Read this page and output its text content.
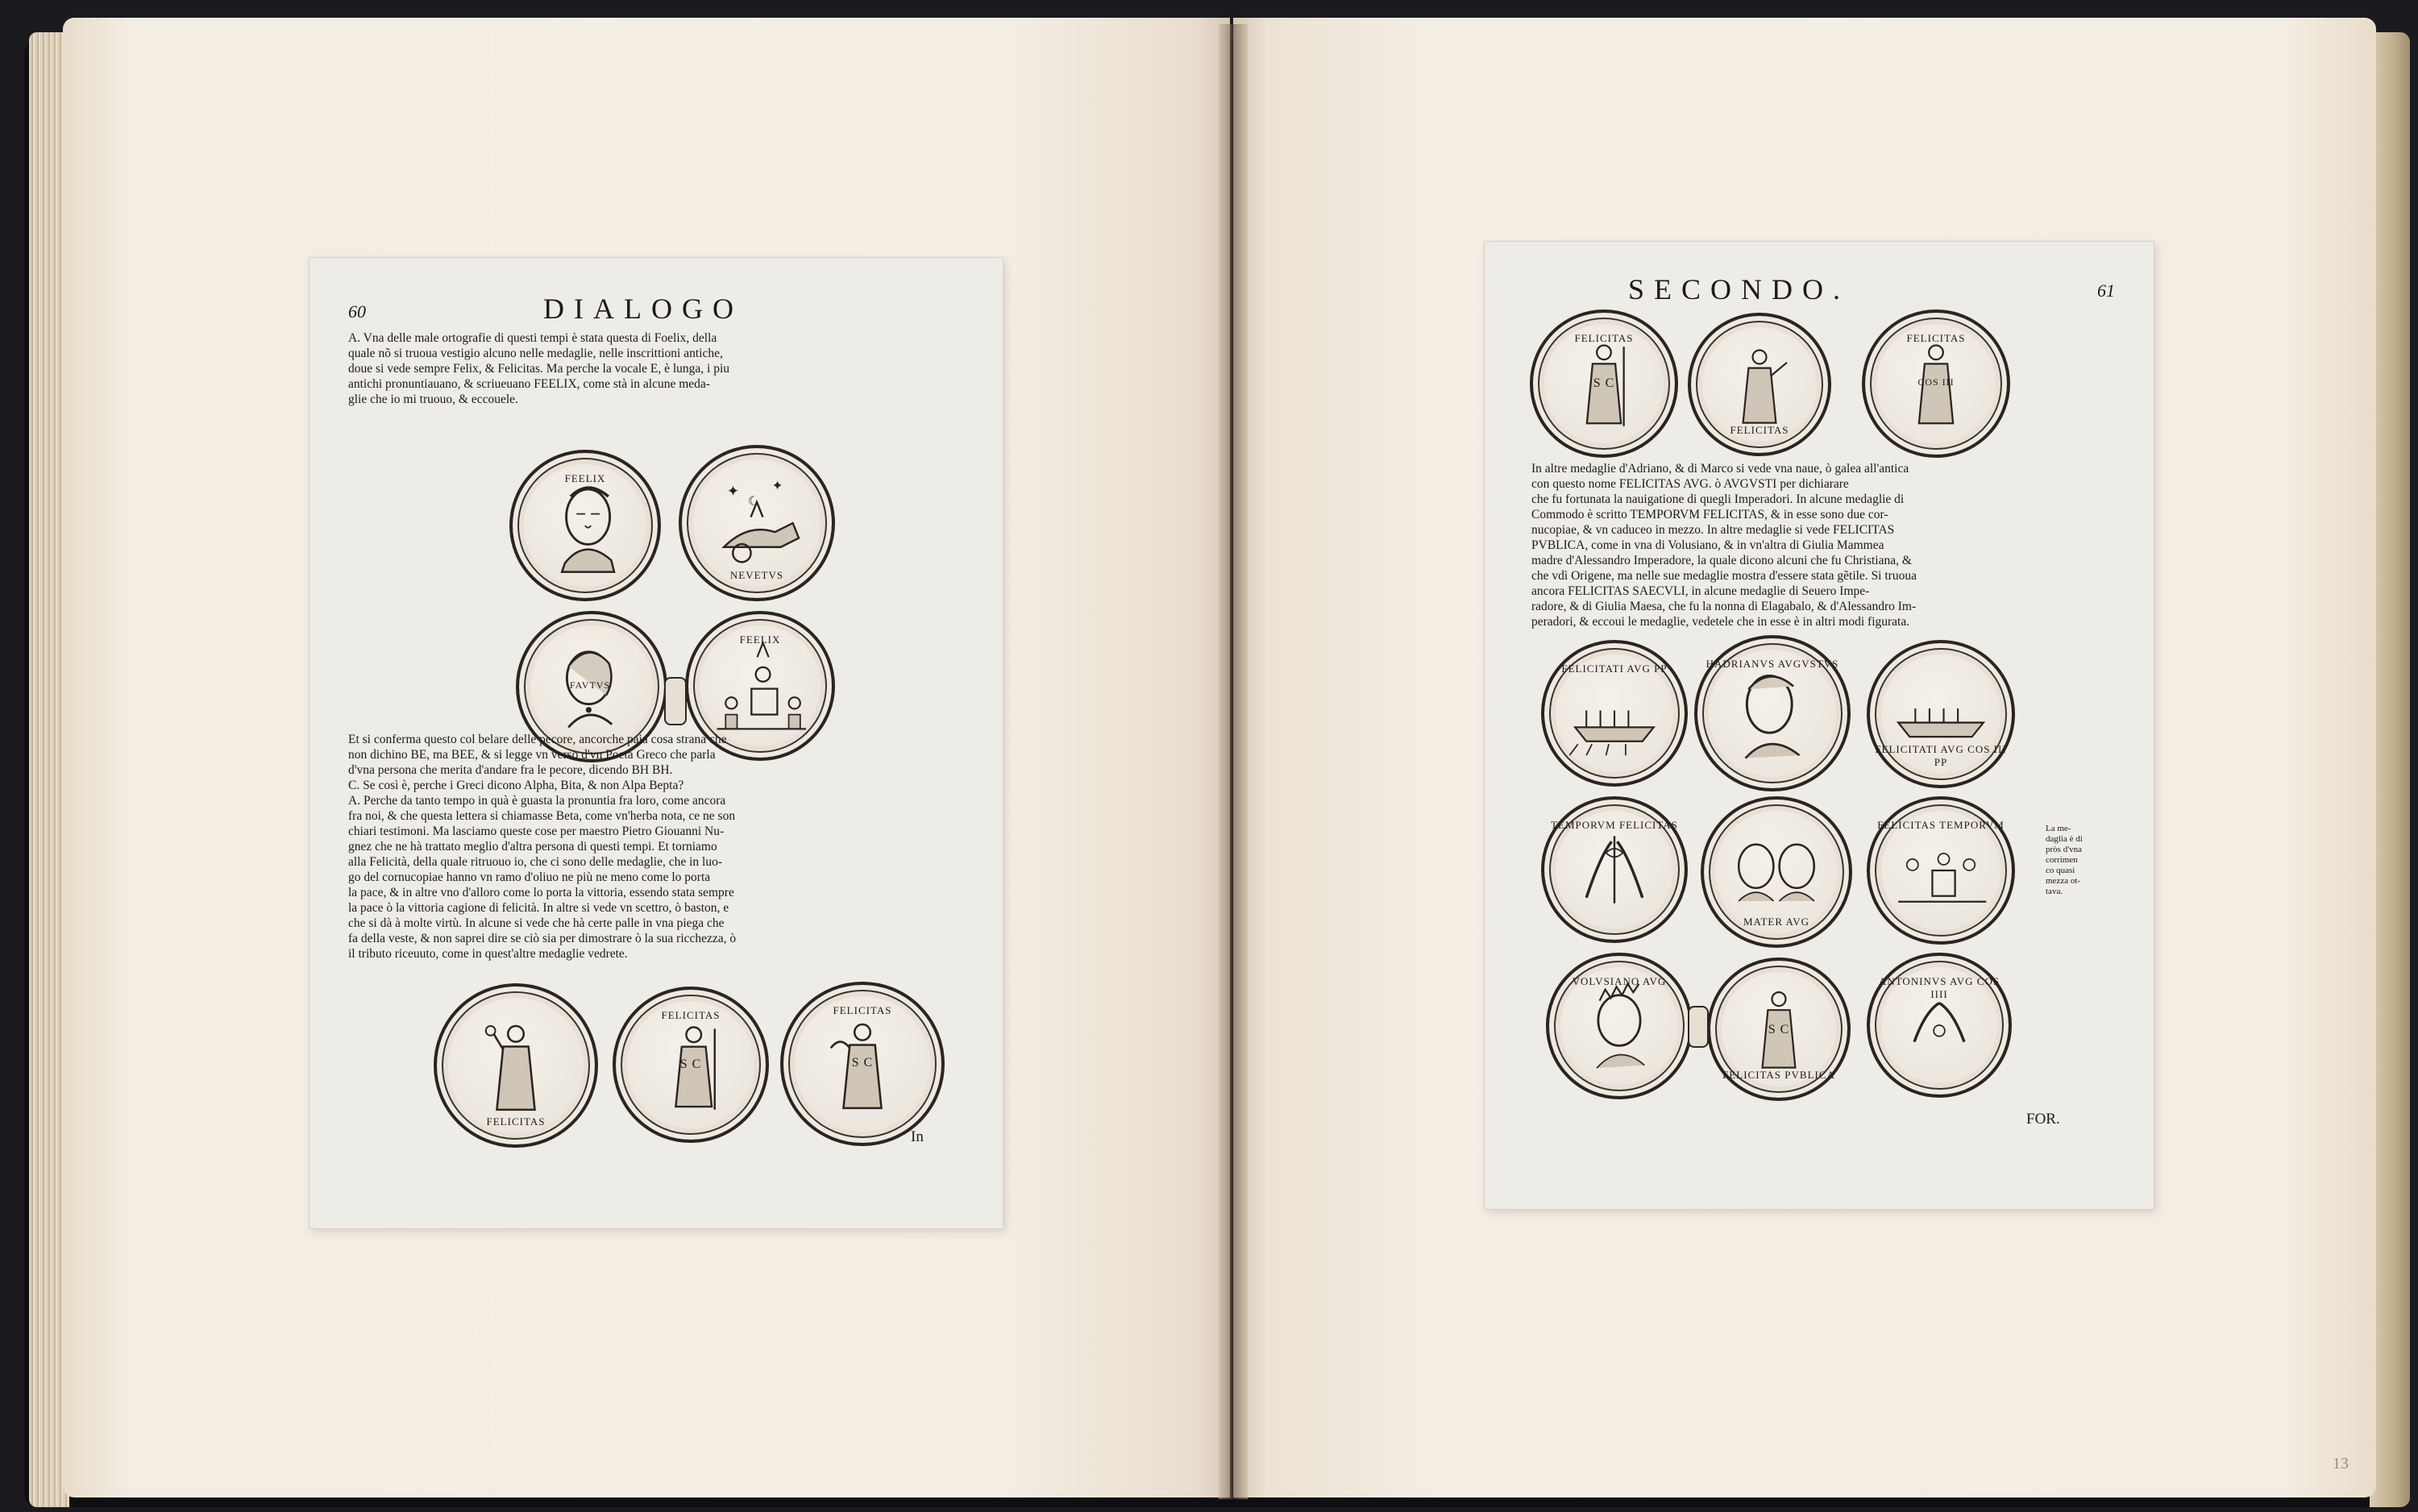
13
60	DIALOGO

A. Vna delle male ortografie di questi tempi è stata questa di Foelix, della

quale nõ si truoua vestigio alcuno nelle medaglie, nelle inscrittioni antiche,

doue si vede sempre Felix, & Felicitas. Ma perche la vocale E, è lunga, i piu

antichi pronuntiauano, & scriueuano FEELIX, come stà in alcune meda-

glie che io mi truouo, & eccouele.

FEELIX
✦	✦
☾
NEVETVS
FAVTVS
FEELIX

Et si conferma questo col belare delle pecore, ancorche paia cosa strana che

non dichino BE, ma BEE, & si legge vn verso d'vn Poeta Greco che parla

d'vna persona che merita d'andare fra le pecore, dicendo BH BH.

C. Se così è, perche i Greci dicono Alpha, Bita, & non Alpa Bepta?

A. Perche da tanto tempo in quà è guasta la pronuntia fra loro, come ancora

fra noi, & che questa lettera si chiamasse Beta, come vn'herba nota, ce ne son

chiari testimoni. Ma lasciamo queste cose per maestro Pietro Giouanni Nu-

gnez che ne hà trattato meglio d'altra persona di questi tempi. Et torniamo

alla Felicità, della quale ritruouo io, che ci sono delle medaglie, che in luo-

go del cornucopiae hanno vn ramo d'oliuo ne più ne meno come lo porta

la pace, & in altre vno d'alloro come lo porta la vittoria, essendo stata sempre

la pace ò la vittoria cagione di felicità. In altre si vede vn scettro, ò baston, e

che si dà à molte virtù. In alcune si vede che hà certe palle in vna piega che

fa della veste, & non saprei dire se ciò sia per dimostrare ò la sua ricchezza, ò

il tributo riceuuto, come in quest'altre medaglie vedrete.

FELICITAS
S C
FELICITAS
S C
FELICITAS
In
SECONDO.	61
S C
FELICITAS
FELICITAS
COS III
FELICITAS

In altre medaglie d'Adriano, & di Marco si vede vna naue, ò galea all'antica

con questo nome FELICITAS AVG. ò AVGVSTI per dichiarare

che fu fortunata la nauigatione di quegli Imperadori. In alcune medaglie di

Commodo è scritto TEMPORVM FELICITAS, & in esse sono due cor-

nucopiae, & vn caduceo in mezzo. In altre medaglie si vede FELICITAS

PVBLICA, come in vna di Volusiano, & in vn'altra di Giulia Mammea

madre d'Alessandro Imperadore, la quale dicono alcuni che fu Christiana, &

che vdì Origene, ma nelle sue medaglie mostra d'essere stata gẽtile. Si truoua

ancora FELICITAS SAECVLI, in alcune medaglie di Seuero Impe-

radore, & di Giulia Maesa, che fu la nonna di Elagabalo, & d'Alessandro Im-

peradori, & eccoui le medaglie, vedetele che in esse è in altri modi figurata.

FELICITATI AVG PP	HADRIANVS AVGVSTVS
FELICITATI AVG COS III PP
TEMPORVM FELICITAS
MATER AVG
FELICITAS TEMPORVM
VOLVSIANO AVG
S C
FELICITAS PVBLICA
ANTONINVS AVG COS IIII
La me-
daglia è di
pròs d'vna
corrimen
co quasi
mezza ot-
tava.
FOR.
